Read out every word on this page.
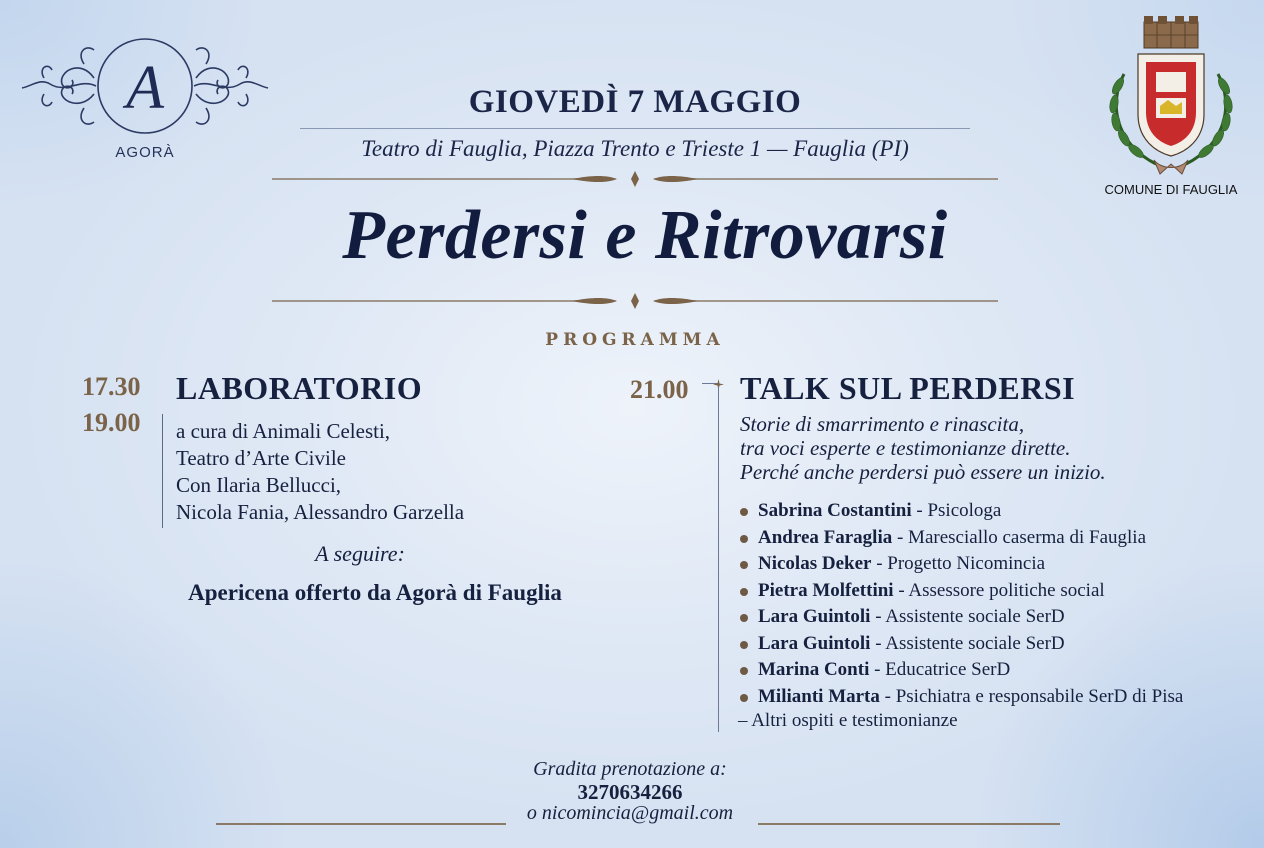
A
AGORÀ
COMUNE DI FAUGLIA
GIOVEDÌ 7 MAGGIO
Teatro di Fauglia, Piazza Trento e Trieste 1 — Fauglia (PI)
Perdersi e Ritrovarsi
PROGRAMMA
17.30
19.00
LABORATORIO
a cura di Animali Celesti,
Teatro d’Arte Civile
Con Ilaria Bellucci,
Nicola Fania, Alessandro Garzella
A seguire:
Apericena offerto da Agorà di Fauglia
21.00 TALK SUL PERDERSI
Storie di smarrimento e rinascita,
tra voci esperte e testimonianze dirette.
Perché anche perdersi può essere un inizio.
Sabrina Costantini - Psicologa
Andrea Faraglia - Maresciallo caserma di Fauglia
Nicolas Deker - Progetto Nicomincia
Pietra Molfettini - Assessore politiche social
Lara Guintoli - Assistente sociale SerD
Lara Guintoli - Assistente sociale SerD
Marina Conti - Educatrice SerD
Milianti Marta - Psichiatra e responsabile SerD di Pisa
– Altri ospiti e testimonianze
Gradita prenotazione a:
3270634266
o nicomincia@gmail.com
